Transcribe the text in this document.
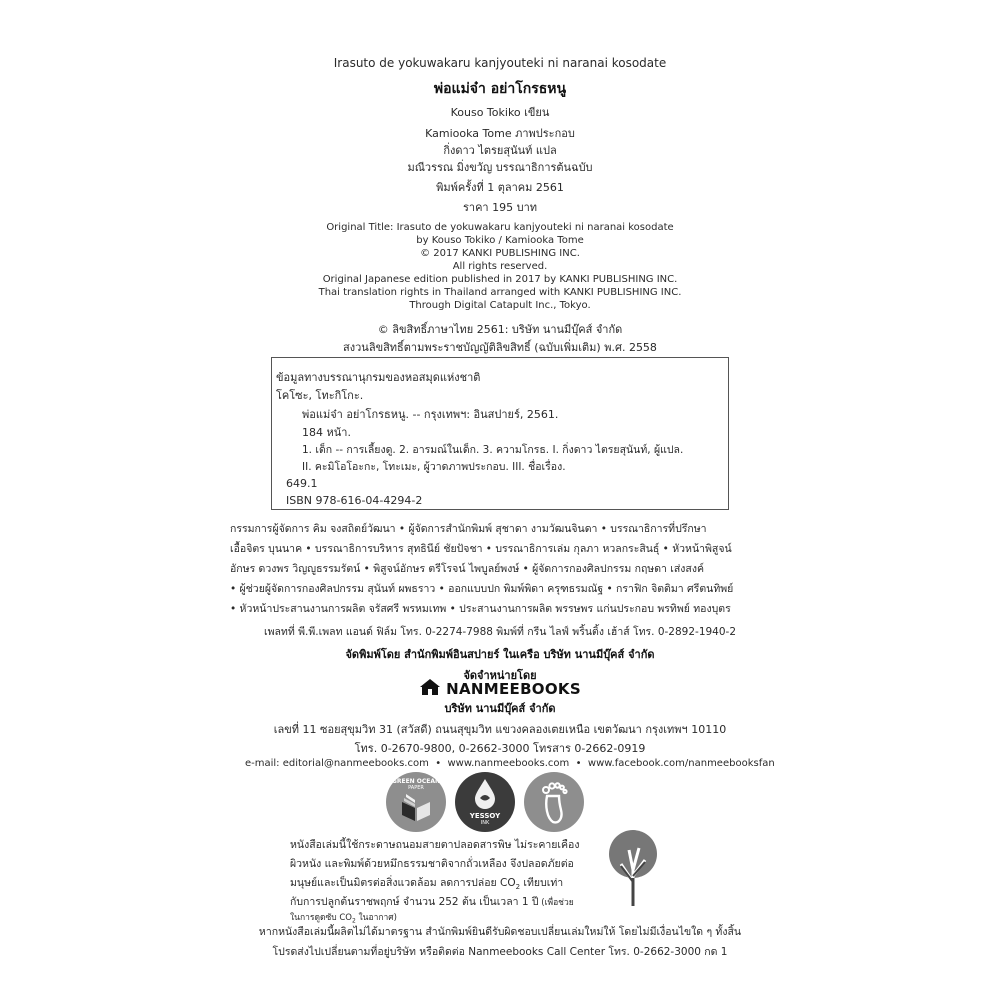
Irasuto de yokuwakaru kanjyouteki ni naranai kosodate
พ่อแม่จ๋า อย่าโกรธหนู
Kouso Tokiko เขียน
Kamiooka Tome ภาพประกอบ
กิ่งดาว ไตรยสุนันท์ แปล
มณีวรรณ มิ่งขวัญ บรรณาธิการต้นฉบับ
พิมพ์ครั้งที่ 1 ตุลาคม 2561
ราคา 195 บาท
Original Title: Irasuto de yokuwakaru kanjyouteki ni naranai kosodate
by Kouso Tokiko / Kamiooka Tome
© 2017 KANKI PUBLISHING INC.
All rights reserved.
Original Japanese edition published in 2017 by KANKI PUBLISHING INC.
Thai translation rights in Thailand arranged with KANKI PUBLISHING INC.
Through Digital Catapult Inc., Tokyo.
© ลิขสิทธิ์ภาษาไทย 2561: บริษัท นานมีบุ๊คส์ จำกัด
สงวนลิขสิทธิ์ตามพระราชบัญญัติลิขสิทธิ์ (ฉบับเพิ่มเติม) พ.ศ. 2558
ข้อมูลทางบรรณานุกรมของหอสมุดแห่งชาติ
โคโซะ, โทะกิโกะ.
พ่อแม่จ๋า อย่าโกรธหนู. -- กรุงเทพฯ: อินสปายร์, 2561.
184 หน้า.
1. เด็ก -- การเลี้ยงดู. 2. อารมณ์ในเด็ก. 3. ความโกรธ. I. กิ่งดาว ไตรยสุนันท์, ผู้แปล.
II. คะมิโอโอะกะ, โทะเมะ, ผู้วาดภาพประกอบ. III. ชื่อเรื่อง.
649.1
ISBN 978-616-04-4294-2
กรรมการผู้จัดการ คิม จงสถิตย์วัฒนา • ผู้จัดการสำนักพิมพ์ สุชาดา งามวัฒนจินดา • บรรณาธิการที่ปรึกษา
เอื้อจิตร บุนนาค • บรรณาธิการบริหาร สุทธินีย์ ชัยปัจชา • บรรณาธิการเล่ม กุลภา หวลกระสินธุ์ • หัวหน้าพิสูจน์
อักษร ดวงพร วิญญูธรรมรัตน์ • พิสูจน์อักษร ตรีโรจน์ ไพบูลย์พงษ์ • ผู้จัดการกองศิลปกรรม กฤษดา เส่งสงค์
• ผู้ช่วยผู้จัดการกองศิลปกรรม สุนันท์ ผพธราว • ออกแบบปก พิมพ์พิดา ครุฑธรมณัฐ • กราฟิก จิตติมา ศรีตนทิพย์
• หัวหน้าประสานงานการผลิต จรัสศรี พรหมเทพ • ประสานงานการผลิต พรรษพร แก่นประกอบ พรทิพย์ ทองบุตร
เพลทที่ พี.พี.เพลท แอนด์ ฟิล์ม โทร. 0-2274-7988 พิมพ์ที่ กรีน ไลฟ์ พริ้นติ้ง เฮ้าส์ โทร. 0-2892-1940-2
จัดพิมพ์โดย สำนักพิมพ์อินสปายร์ ในเครือ บริษัท นานมีบุ๊คส์ จำกัด
จัดจำหน่ายโดย
NANMEEBOOKS
บริษัท นานมีบุ๊คส์ จำกัด
เลขที่ 11 ซอยสุขุมวิท 31 (สวัสดี) ถนนสุขุมวิท แขวงคลองเตยเหนือ เขตวัฒนา กรุงเทพฯ 10110
โทร. 0-2670-9800, 0-2662-3000 โทรสาร 0-2662-0919
e-mail: editorial@nanmeebooks.com  •  www.nanmeebooks.com  •  www.facebook.com/nanmeebooksfan
GREEN OCEAN
PAPER
YESSOY
INK
หนังสือเล่มนี้ใช้กระดาษถนอมสายตาปลอดสารพิษ ไม่ระคายเคือง
ผิวหนัง และพิมพ์ด้วยหมึกธรรมชาติจากถั่วเหลือง จึงปลอดภัยต่อ
มนุษย์และเป็นมิตรต่อสิ่งแวดล้อม ลดการปล่อย $CO_2$ เทียบเท่า
กับการปลูกต้นราชพฤกษ์ จำนวน 252 ต้น เป็นเวลา 1 ปี (เพื่อช่วย
ในการดูดซับ $CO_2$ ในอากาศ)
หากหนังสือเล่มนี้ผลิตไม่ได้มาตรฐาน สำนักพิมพ์ยินดีรับผิดชอบเปลี่ยนเล่มใหม่ให้ โดยไม่มีเงื่อนไขใด ๆ ทั้งสิ้น
โปรดส่งไปเปลี่ยนตามที่อยู่บริษัท หรือติดต่อ Nanmeebooks Call Center โทร. 0-2662-3000 กด 1
